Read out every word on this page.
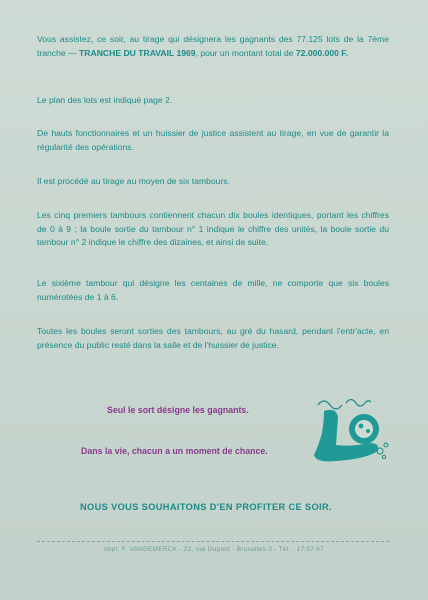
Vous assistez, ce soir, au tirage qui désignera les gagnants des 77.125 lots de la 7ème tranche — TRANCHE DU TRAVAIL 1969, pour un montant total de 72.000.000 F.

Le plan des lots est indiqué page 2.

De hauts fonctionnaires et un huissier de justice assistent au tirage, en vue de garantir la régularité des opérations.

Il est procédé au tirage au moyen de six tambours.

Les cinq premiers tambours contiennent chacun dix boules identiques, portant les chiffres de 0 à 9 ; la boule sortie du tambour n° 1 indique le chiffre des unités, la boule sortie du tambour n° 2 indique le chiffre des dizaines, et ainsi de suite.

Le sixième tambour qui désigne les centaines de mille, ne comporte que six boules numérotées de 1 à 6.

Toutes les boules seront sorties des tambours, au gré du hasard, pendant l'entr'acte, en présence du public resté dans la salle et de l'huissier de justice.

Seul le sort désigne les gagnants.

Dans la vie, chacun a un moment de chance.

NOUS VOUS SOUHAITONS D'EN PROFITER CE SOIR.

Impr. F. VANDEMERCK - 23, rue Dupont - Bruxelles-3 - Tél. : 17.57.67
